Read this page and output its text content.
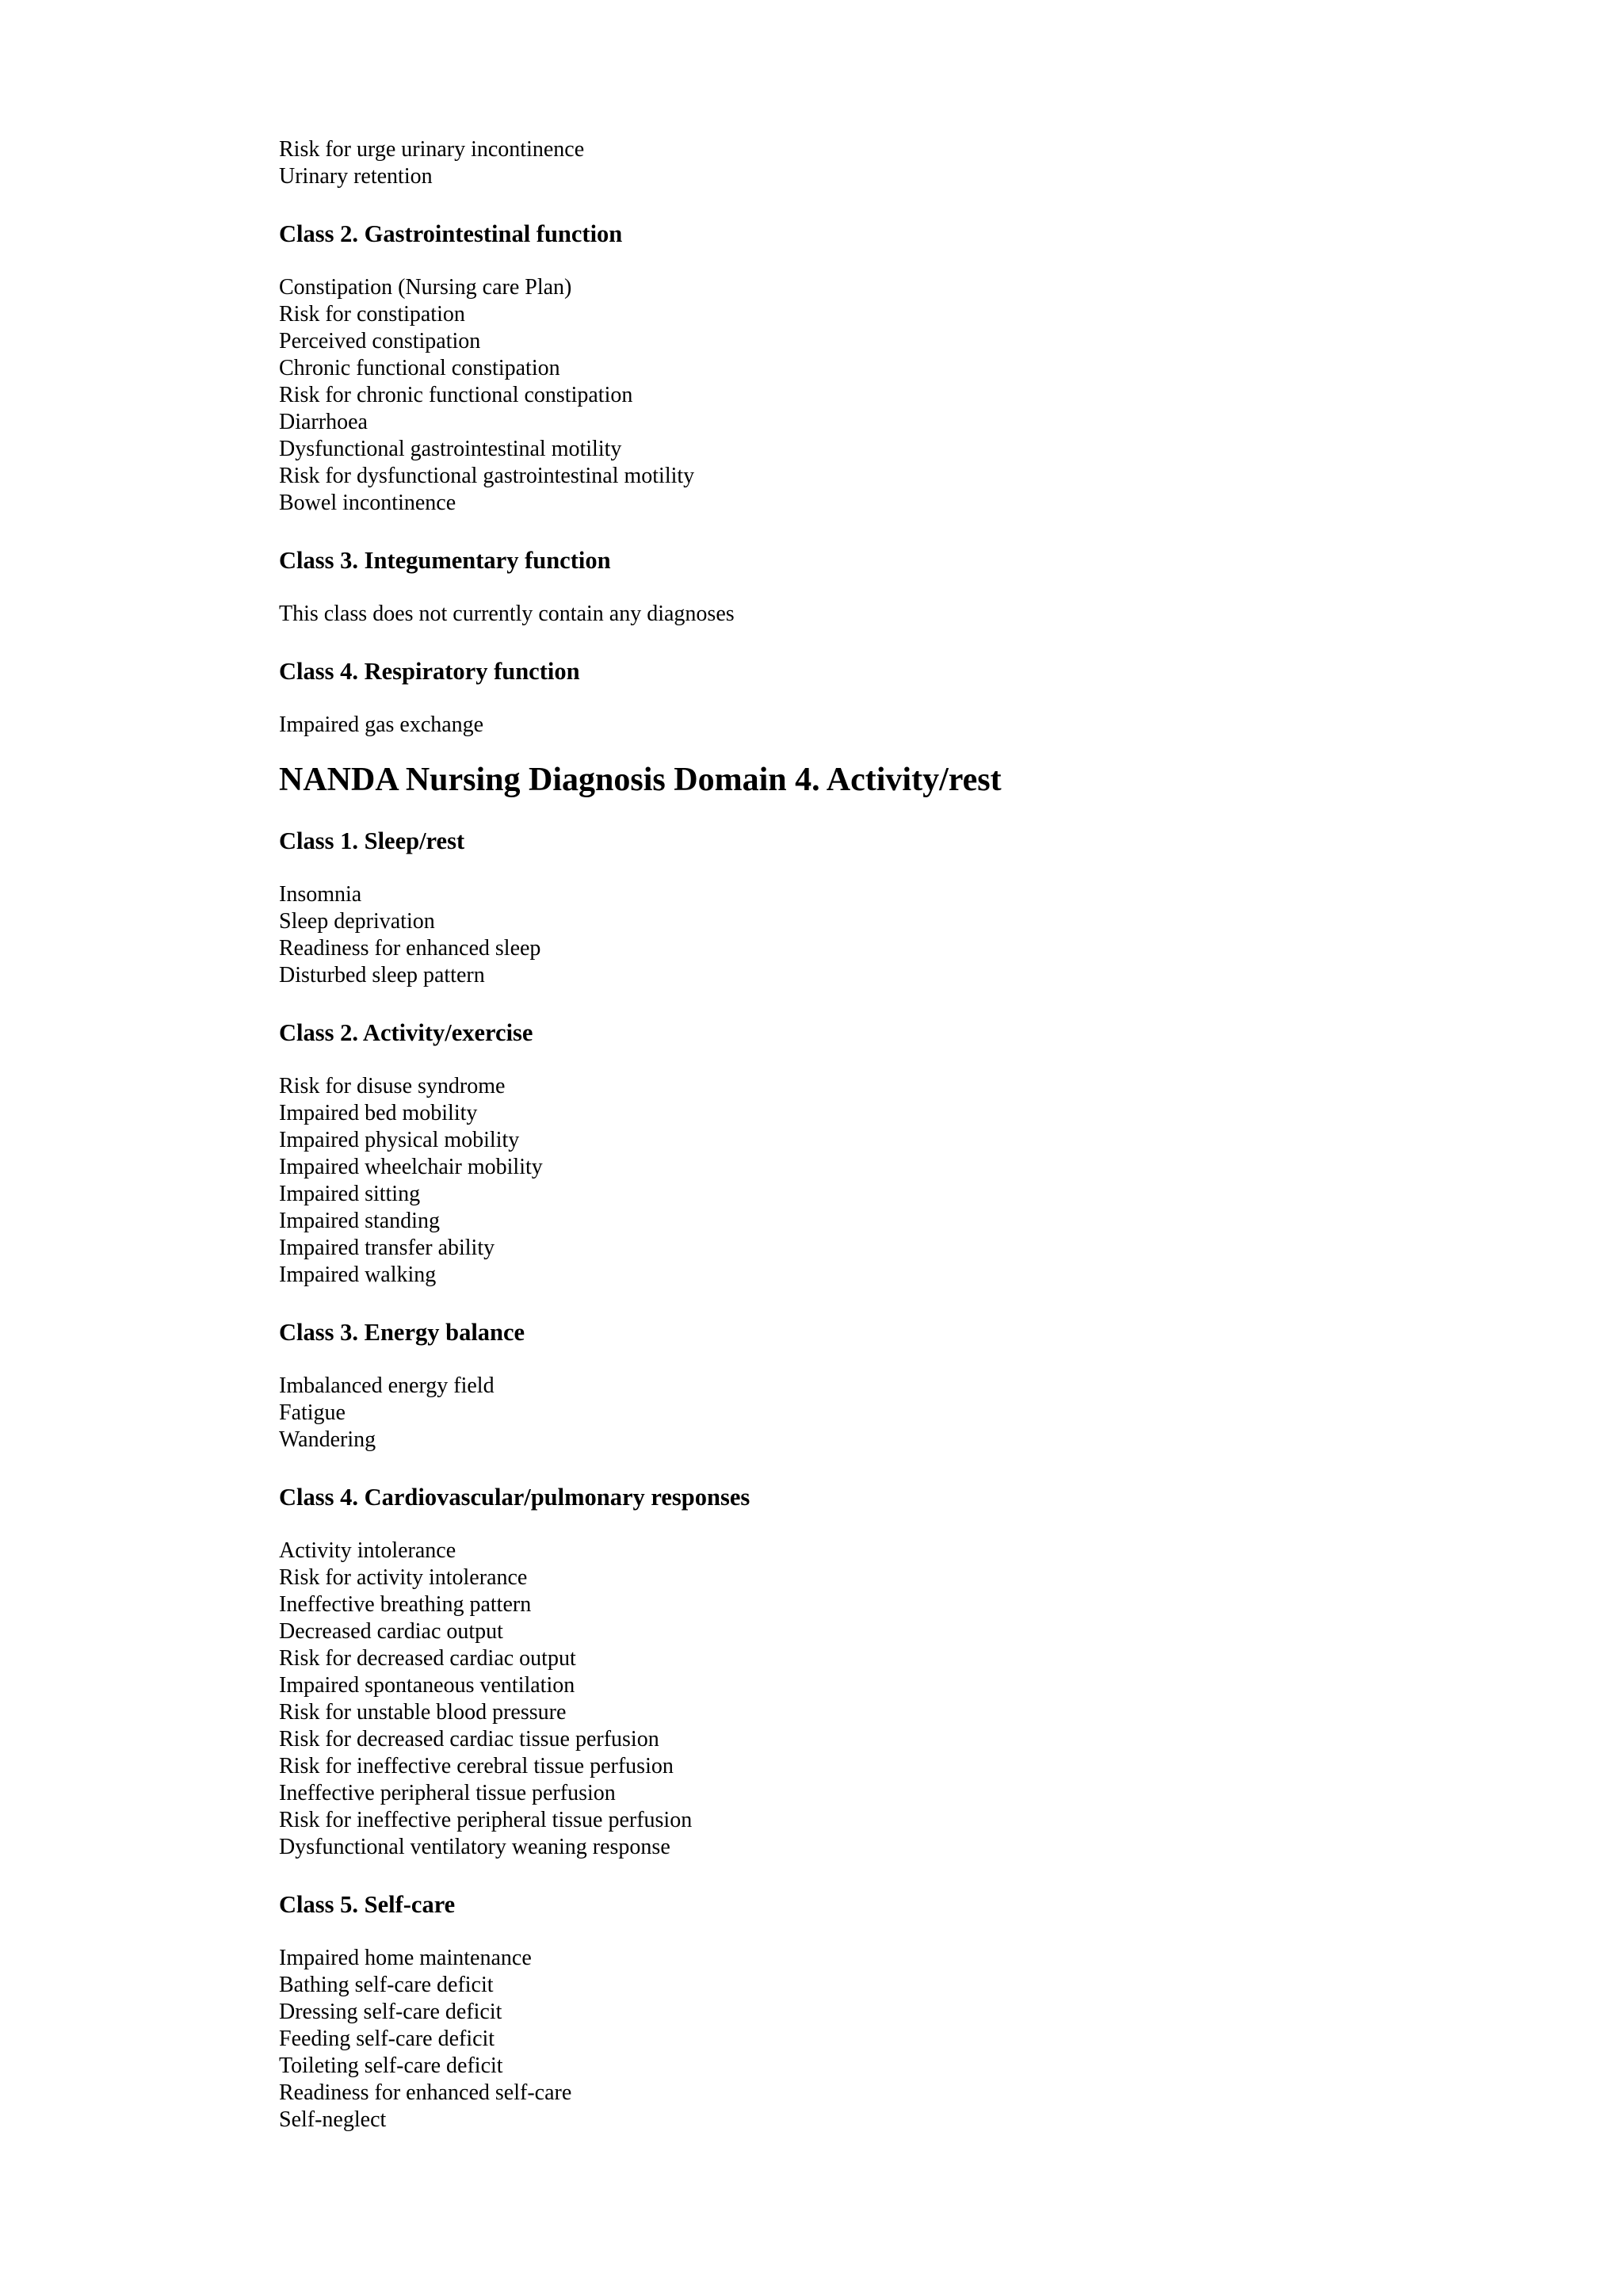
Risk for urge urinary incontinence
Urinary retention
Class 2. Gastrointestinal function
Constipation (Nursing care Plan)
Risk for constipation
Perceived constipation
Chronic functional constipation
Risk for chronic functional constipation
Diarrhoea
Dysfunctional gastrointestinal motility
Risk for dysfunctional gastrointestinal motility
Bowel incontinence
Class 3. Integumentary function
This class does not currently contain any diagnoses
Class 4. Respiratory function
Impaired gas exchange
NANDA Nursing Diagnosis Domain 4. Activity/rest
Class 1. Sleep/rest
Insomnia
Sleep deprivation
Readiness for enhanced sleep
Disturbed sleep pattern
Class 2. Activity/exercise
Risk for disuse syndrome
Impaired bed mobility
Impaired physical mobility
Impaired wheelchair mobility
Impaired sitting
Impaired standing
Impaired transfer ability
Impaired walking
Class 3. Energy balance
Imbalanced energy field
Fatigue
Wandering
Class 4. Cardiovascular/pulmonary responses
Activity intolerance
Risk for activity intolerance
Ineffective breathing pattern
Decreased cardiac output
Risk for decreased cardiac output
Impaired spontaneous ventilation
Risk for unstable blood pressure
Risk for decreased cardiac tissue perfusion
Risk for ineffective cerebral tissue perfusion
Ineffective peripheral tissue perfusion
Risk for ineffective peripheral tissue perfusion
Dysfunctional ventilatory weaning response
Class 5. Self-care
Impaired home maintenance
Bathing self-care deficit
Dressing self-care deficit
Feeding self-care deficit
Toileting self-care deficit
Readiness for enhanced self-care
Self-neglect
